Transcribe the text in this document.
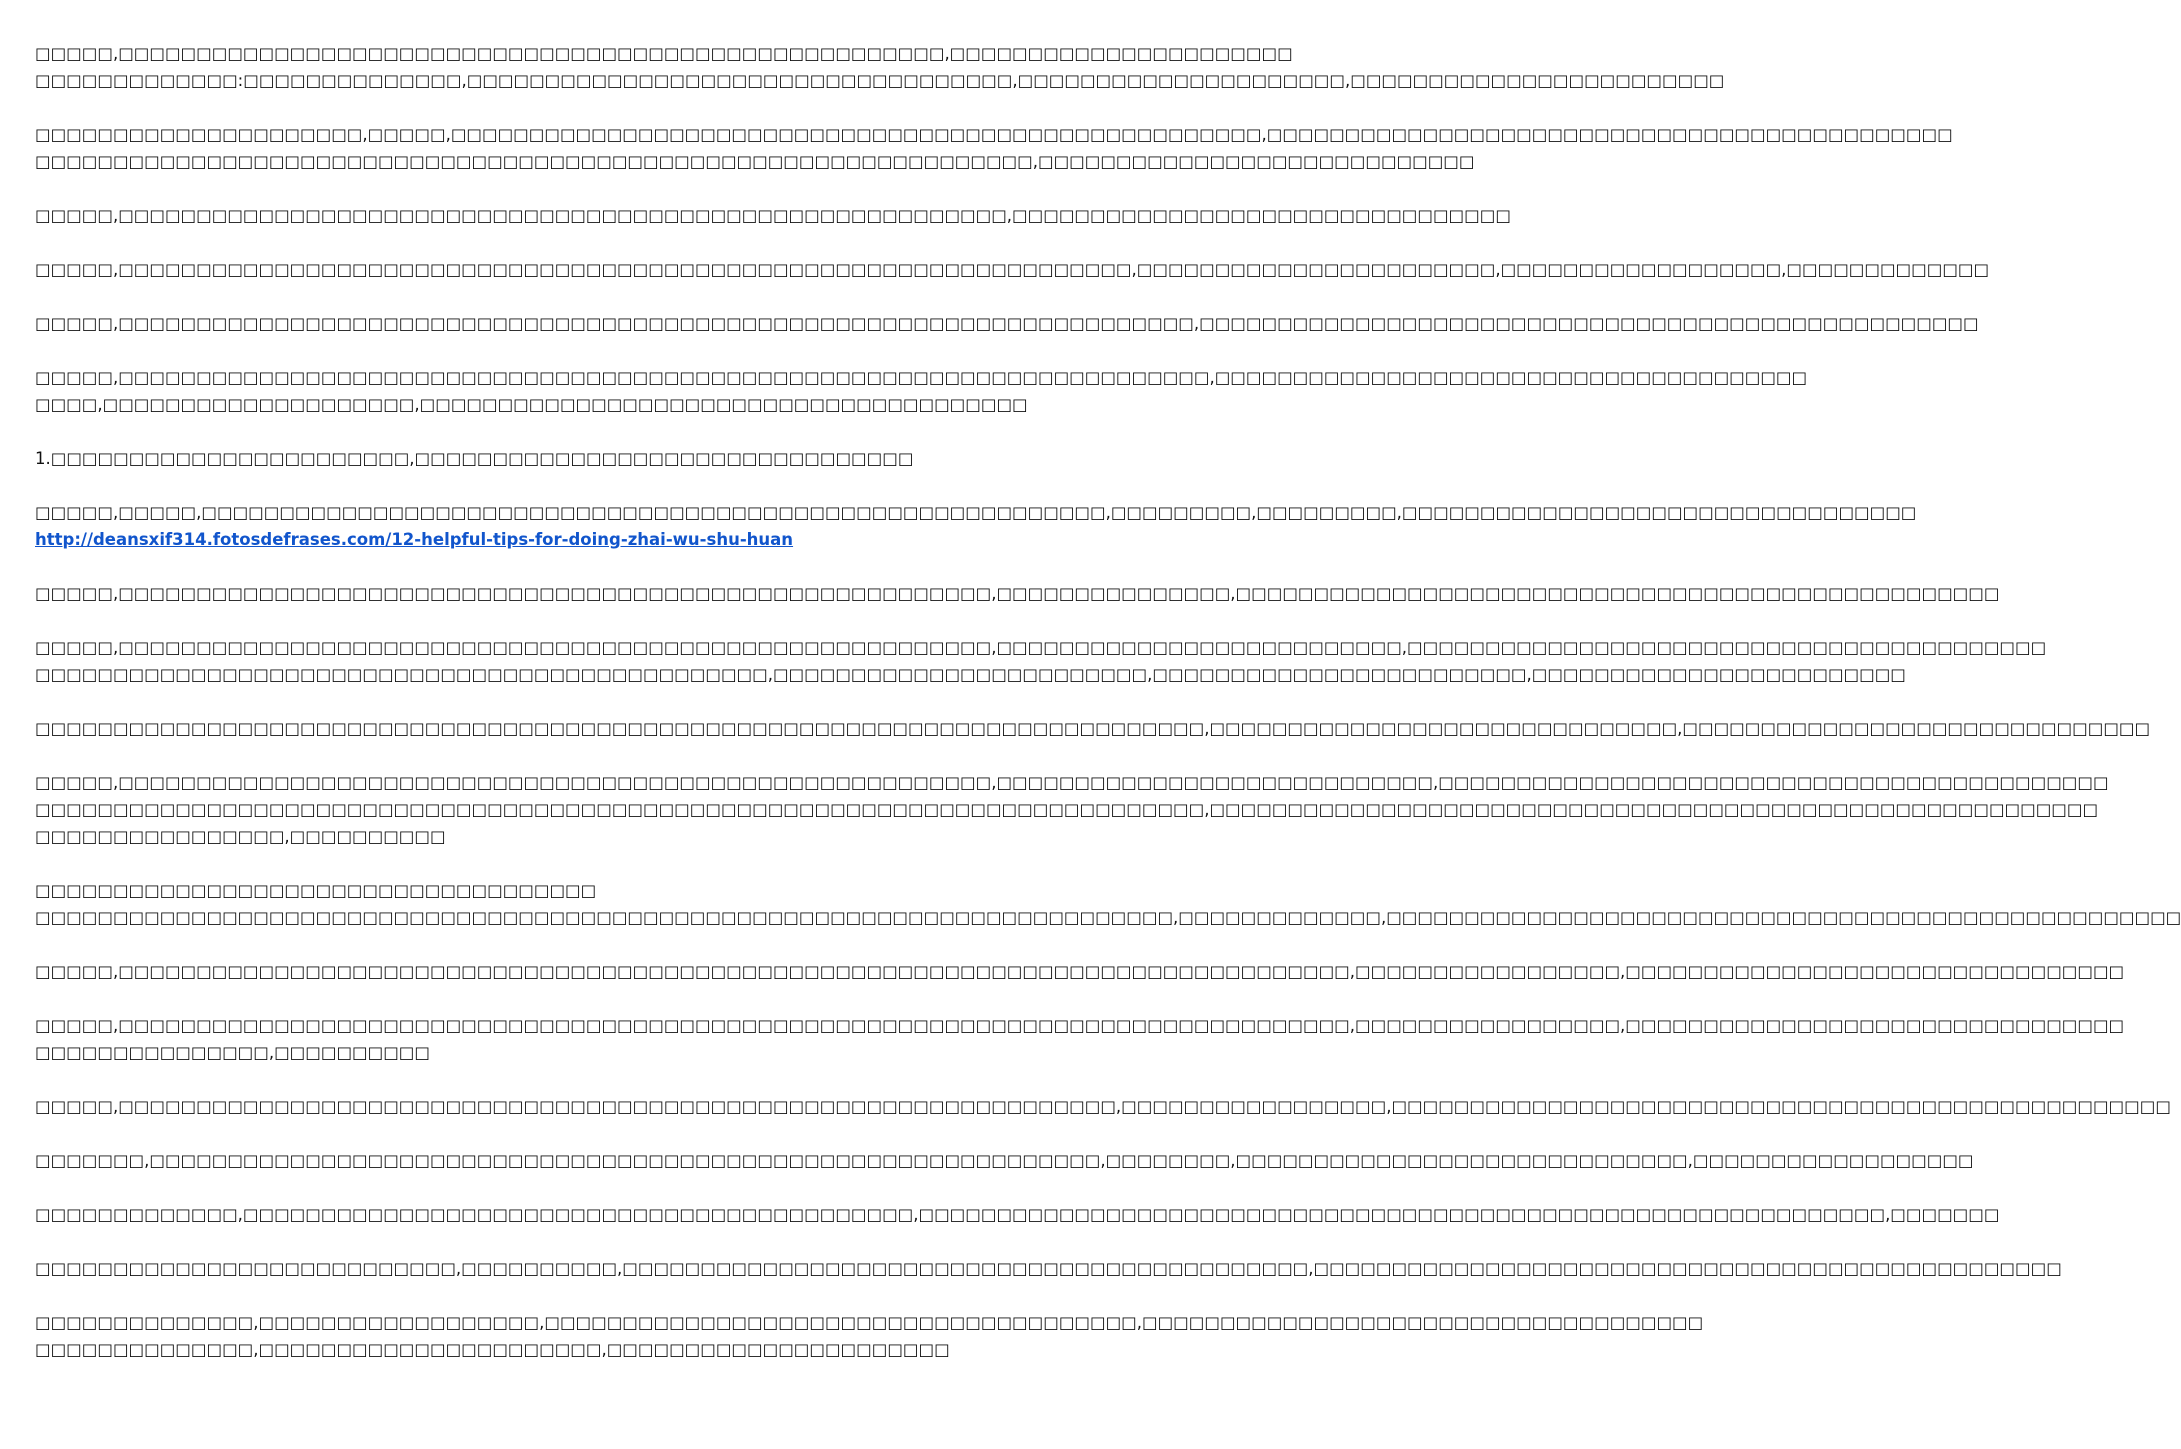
□□□□□,□□□□□□□□□□□□□□□□□□□□□□□□□□□□□□□□□□□□□□□□□□□□□□□□□□□□□,□□□□□□□□□□□□□□□□□□□□□□
□□□□□□□□□□□□□:□□□□□□□□□□□□□□,□□□□□□□□□□□□□□□□□□□□□□□□□□□□□□□□□□□,□□□□□□□□□□□□□□□□□□□□□,□□□□□□□□□□□□□□□□□□□□□□□□
□□□□□□□□□□□□□□□□□□□□□,□□□□□,□□□□□□□□□□□□□□□□□□□□□□□□□□□□□□□□□□□□□□□□□□□□□□□□□□□□,□□□□□□□□□□□□□□□□□□□□□□□□□□□□□□□□□□□□□□□□□□□□
□□□□□□□□□□□□□□□□□□□□□□□□□□□□□□□□□□□□□□□□□□□□□□□□□□□□□□□□□□□□□□□□,□□□□□□□□□□□□□□□□□□□□□□□□□□□□
□□□□□,□□□□□□□□□□□□□□□□□□□□□□□□□□□□□□□□□□□□□□□□□□□□□□□□□□□□□□□□□,□□□□□□□□□□□□□□□□□□□□□□□□□□□□□□□□
□□□□□,□□□□□□□□□□□□□□□□□□□□□□□□□□□□□□□□□□□□□□□□□□□□□□□□□□□□□□□□□□□□□□□□□,□□□□□□□□□□□□□□□□□□□□□□□,□□□□□□□□□□□□□□□□□□,□□□□□□□□□□□□□
□□□□□,□□□□□□□□□□□□□□□□□□□□□□□□□□□□□□□□□□□□□□□□□□□□□□□□□□□□□□□□□□□□□□□□□□□□□,□□□□□□□□□□□□□□□□□□□□□□□□□□□□□□□□□□□□□□□□□□□□□□□□□□
□□□□□,□□□□□□□□□□□□□□□□□□□□□□□□□□□□□□□□□□□□□□□□□□□□□□□□□□□□□□□□□□□□□□□□□□□□□□,□□□□□□□□□□□□□□□□□□□□□□□□□□□□□□□□□□□□□□
□□□□,□□□□□□□□□□□□□□□□□□□□,□□□□□□□□□□□□□□□□□□□□□□□□□□□□□□□□□□□□□□□
1.□□□□□□□□□□□□□□□□□□□□□□□,□□□□□□□□□□□□□□□□□□□□□□□□□□□□□□□□
□□□□□,□□□□□,□□□□□□□□□□□□□□□□□□□□□□□□□□□□□□□□□□□□□□□□□□□□□□□□□□□□□□□□□□,□□□□□□□□□,□□□□□□□□□,□□□□□□□□□□□□□□□□□□□□□□□□□□□□□□□□□
http://deansxif314.fotosdefrases.com/12-helpful-tips-for-doing-zhai-wu-shu-huan
□□□□□,□□□□□□□□□□□□□□□□□□□□□□□□□□□□□□□□□□□□□□□□□□□□□□□□□□□□□□□□,□□□□□□□□□□□□□□□,□□□□□□□□□□□□□□□□□□□□□□□□□□□□□□□□□□□□□□□□□□□□□□□□□
□□□□□,□□□□□□□□□□□□□□□□□□□□□□□□□□□□□□□□□□□□□□□□□□□□□□□□□□□□□□□□,□□□□□□□□□□□□□□□□□□□□□□□□□□,□□□□□□□□□□□□□□□□□□□□□□□□□□□□□□□□□□□□□□□□□
□□□□□□□□□□□□□□□□□□□□□□□□□□□□□□□□□□□□□□□□□□□□□□□,□□□□□□□□□□□□□□□□□□□□□□□□,□□□□□□□□□□□□□□□□□□□□□□□□,□□□□□□□□□□□□□□□□□□□□□□□□
□□□□□□□□□□□□□□□□□□□□□□□□□□□□□□□□□□□□□□□□□□□□□□□□□□□□□□□□□□□□□□□□□□□□□□□□□□□,□□□□□□□□□□□□□□□□□□□□□□□□□□□□□□,□□□□□□□□□□□□□□□□□□□□□□□□□□□□□□
□□□□□,□□□□□□□□□□□□□□□□□□□□□□□□□□□□□□□□□□□□□□□□□□□□□□□□□□□□□□□□,□□□□□□□□□□□□□□□□□□□□□□□□□□□□,□□□□□□□□□□□□□□□□□□□□□□□□□□□□□□□□□□□□□□□□□□□
□□□□□□□□□□□□□□□□□□□□□□□□□□□□□□□□□□□□□□□□□□□□□□□□□□□□□□□□□□□□□□□□□□□□□□□□□□□,□□□□□□□□□□□□□□□□□□□□□□□□□□□□□□□□□□□□□□□□□□□□□□□□□□□□□□□□□
□□□□□□□□□□□□□□□□,□□□□□□□□□□
□□□□□□□□□□□□□□□□□□□□□□□□□□□□□□□□□□□□
□□□□□□□□□□□□□□□□□□□□□□□□□□□□□□□□□□□□□□□□□□□□□□□□□□□□□□□□□□□□□□□□□□□□□□□□□,□□□□□□□□□□□□□,□□□□□□□□□□□□□□□□□□□□□□□□□□□□□□□□□□□□□□□□□□□□□□□□□□□
□□□□□,□□□□□□□□□□□□□□□□□□□□□□□□□□□□□□□□□□□□□□□□□□□□□□□□□□□□□□□□□□□□□□□□□□□□□□□□□□□□□□□,□□□□□□□□□□□□□□□□□,□□□□□□□□□□□□□□□□□□□□□□□□□□□□□□□□
□□□□□,□□□□□□□□□□□□□□□□□□□□□□□□□□□□□□□□□□□□□□□□□□□□□□□□□□□□□□□□□□□□□□□□□□□□□□□□□□□□□□□,□□□□□□□□□□□□□□□□□,□□□□□□□□□□□□□□□□□□□□□□□□□□□□□□□□
□□□□□□□□□□□□□□□,□□□□□□□□□□
□□□□□,□□□□□□□□□□□□□□□□□□□□□□□□□□□□□□□□□□□□□□□□□□□□□□□□□□□□□□□□□□□□□□□□,□□□□□□□□□□□□□□□□□,□□□□□□□□□□□□□□□□□□□□□□□□□□□□□□□□□□□□□□□□□□□□□□□□□□
□□□□□□□,□□□□□□□□□□□□□□□□□□□□□□□□□□□□□□□□□□□□□□□□□□□□□□□□□□□□□□□□□□□□□,□□□□□□□□,□□□□□□□□□□□□□□□□□□□□□□□□□□□□□,□□□□□□□□□□□□□□□□□□
□□□□□□□□□□□□□,□□□□□□□□□□□□□□□□□□□□□□□□□□□□□□□□□□□□□□□□□□□,□□□□□□□□□□□□□□□□□□□□□□□□□□□□□□□□□□□□□□□□□□□□□□□□□□□□□□□□□□□□□□,□□□□□□□
□□□□□□□□□□□□□□□□□□□□□□□□□□□,□□□□□□□□□□,□□□□□□□□□□□□□□□□□□□□□□□□□□□□□□□□□□□□□□□□□□□□,□□□□□□□□□□□□□□□□□□□□□□□□□□□□□□□□□□□□□□□□□□□□□□□□
□□□□□□□□□□□□□□,□□□□□□□□□□□□□□□□□□,□□□□□□□□□□□□□□□□□□□□□□□□□□□□□□□□□□□□□□,□□□□□□□□□□□□□□□□□□□□□□□□□□□□□□□□□□□□
□□□□□□□□□□□□□□,□□□□□□□□□□□□□□□□□□□□□□,□□□□□□□□□□□□□□□□□□□□□□
